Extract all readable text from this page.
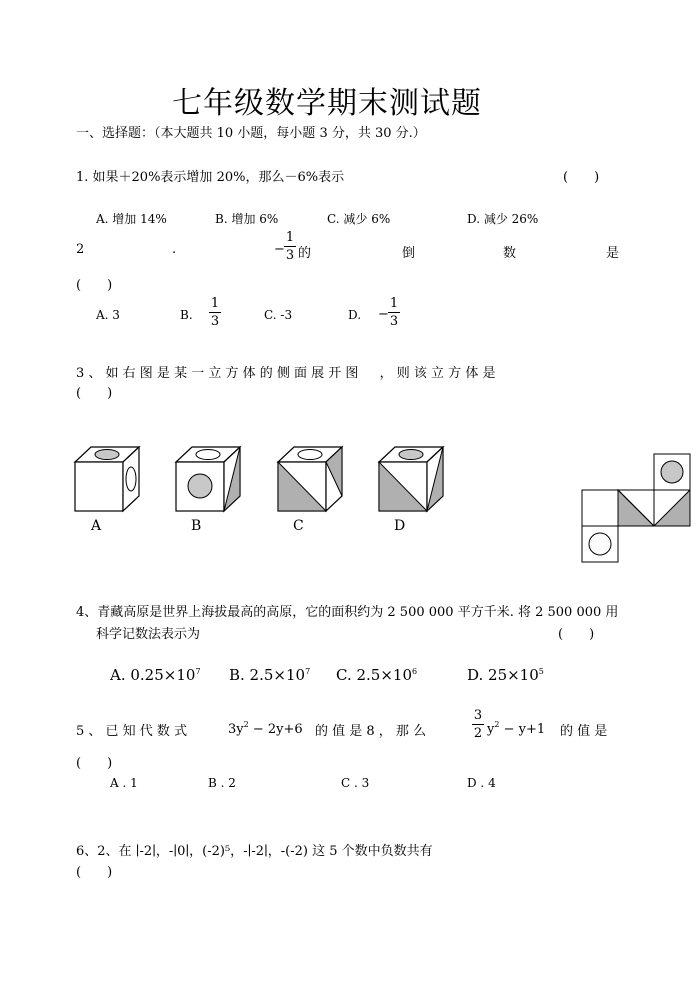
七年级数学期末测试题
一、选择题：（本大题共 10 小题，每小题 3 分，共 30 分.）
1. 如果＋20%表示增加 20%，那么－6%表示	(　　)
A. 增加 14%	B. 增加 6%	C. 减少 6%	D. 减少 26%
2	.	−
1
3 的	倒	数	是
(　　)
A. 3	B.
1
3	C. -3	D. −
1
3
3 、 如 右 图 是 某 一 立 方 体 的 侧 面 展 开 图 　 ， 则 该 立 方 体 是
(　　)
A	B	C	D
4、青藏高原是世界上海拔最高的高原，它的面积约为 2 500 000 平方千米. 将 2 500 000 用
科学记数法表示为	(　　)
A. $0.25\times 10^7$ B. $2.5\times 10^7$ C. $2.5\times 10^6$	D. $25\times 10^5$
5 、 已 知 代 数 式	$3y^2 - 2y+6$ 的 值 是 8 ， 那 么
3
2 $y^2 - y+1$ 的 值 是
(　　)
A . 1	B . 2	C . 3	D . 4
6、2、在 ∣-2∣，-∣0∣，(-2)⁵，-∣-2∣，-(-2) 这 5 个数中负数共有
(　　)
